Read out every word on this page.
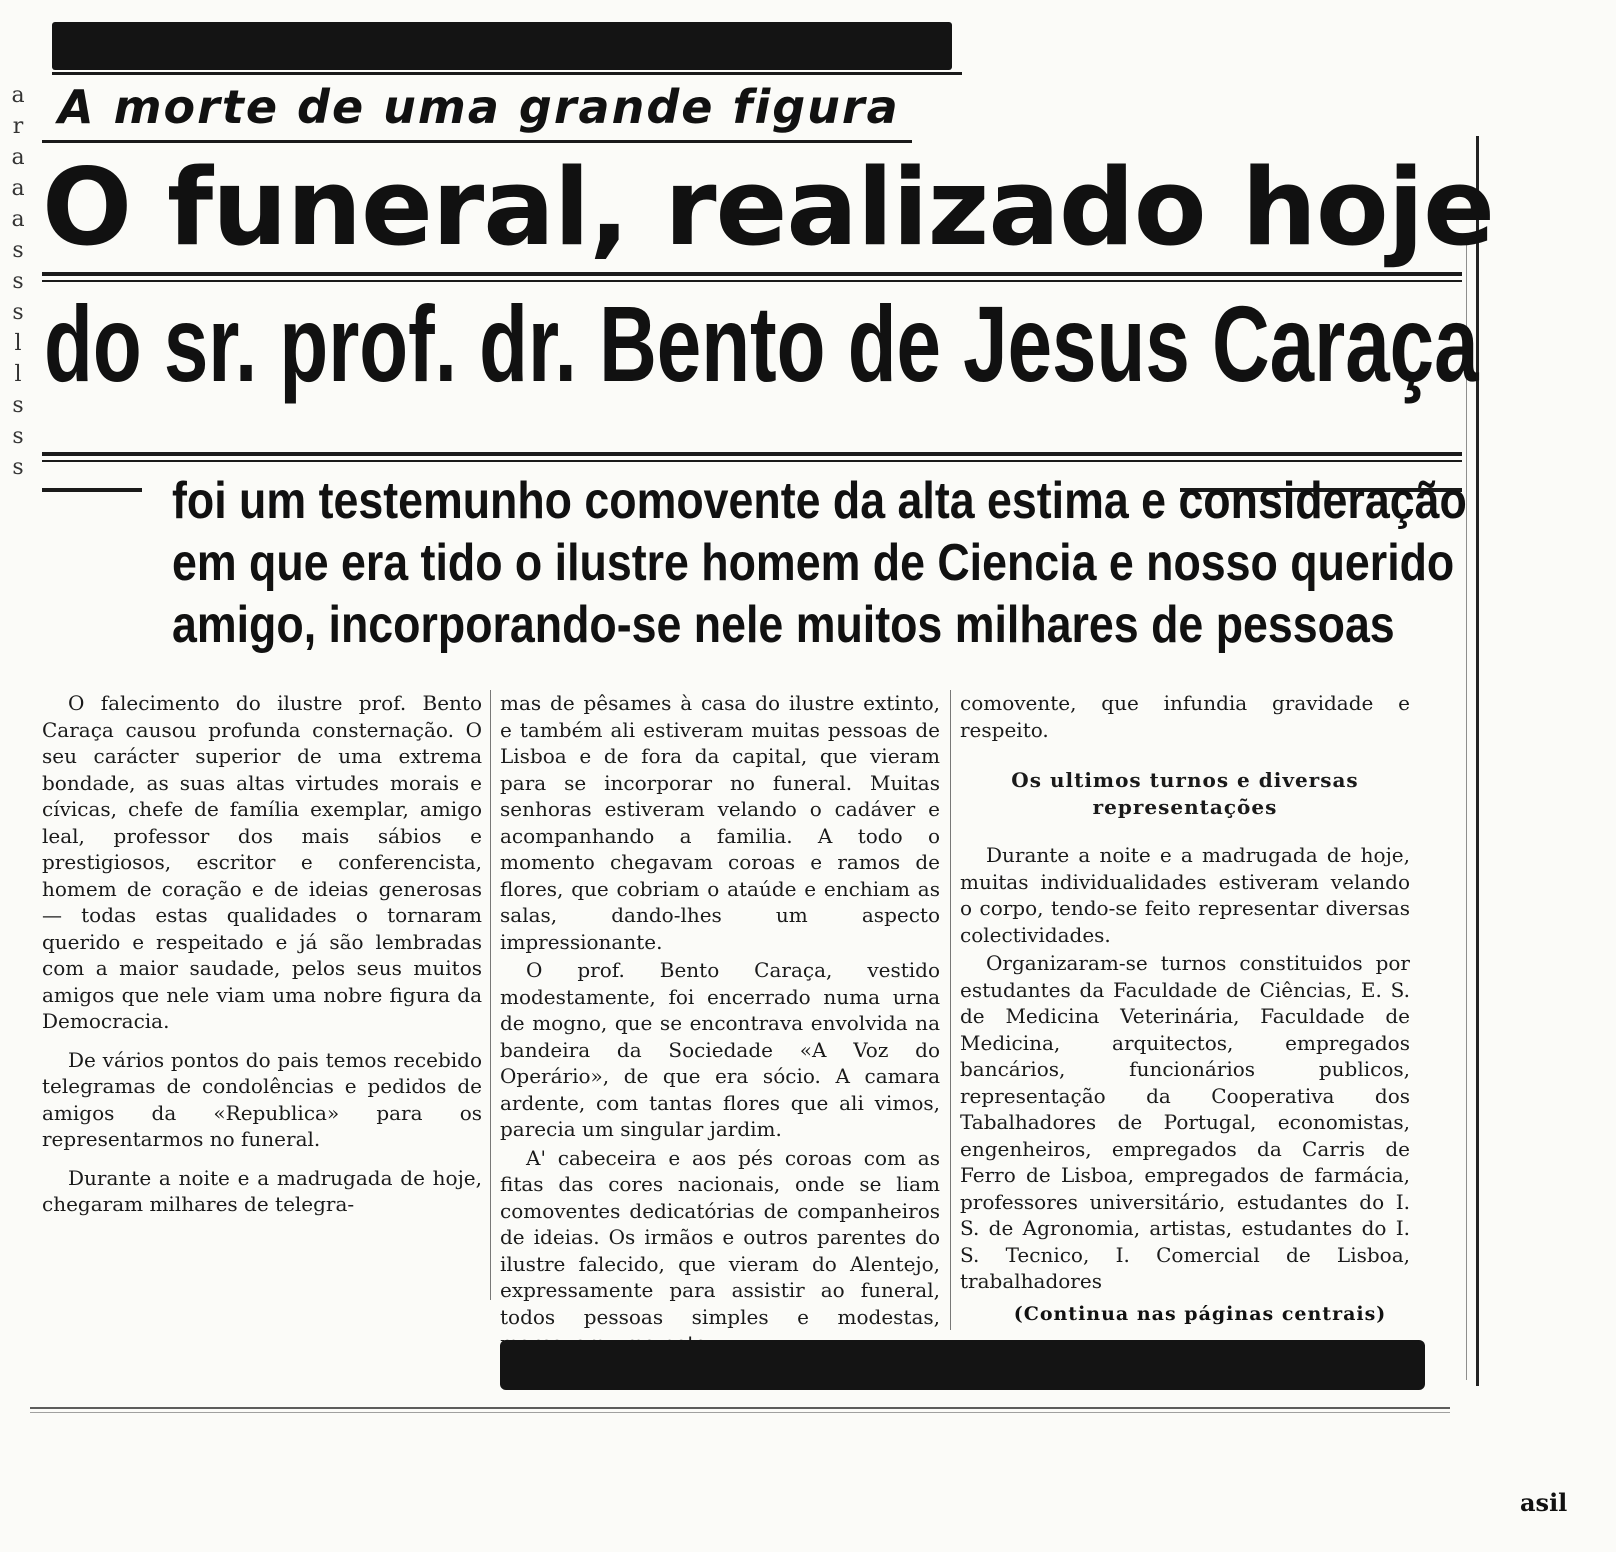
a
r
a
a
a
s
s
s
l
l
s
s
s
A morte de uma grande figura
O funeral, realizado hoje
do sr. prof. dr. Bento de Jesus Caraça
foi um testemunho comovente da alta estima e consideração
em que era tido o ilustre homem de Ciencia e nosso querido
amigo, incorporando-se nele muitos milhares de pessoas

O falecimento do ilustre prof. Bento Caraça causou profunda consternação. O seu carácter superior de uma extrema bondade, as suas altas virtudes morais e cívicas, chefe de família exemplar, amigo leal, professor dos mais sábios e prestigiosos, escritor e conferencista, homem de coração e de ideias generosas — todas estas qualidades o tornaram querido e respeitado e já são lembradas com a maior saudade, pelos seus muitos amigos que nele viam uma nobre figura da Democracia.

De vários pontos do pais temos recebido telegramas de condolências e pedidos de amigos da «Republica» para os representarmos no funeral.

Durante a noite e a madrugada de hoje, chegaram milhares de telegra-

mas de pêsames à casa do ilustre extinto, e também ali estiveram muitas pessoas de Lisboa e de fora da capital, que vieram para se incorporar no funeral. Muitas senhoras estiveram velando o cadáver e acompanhando a familia. A todo o momento chegavam coroas e ramos de flores, que cobriam o ataúde e enchiam as salas, dando-lhes um aspecto impressionante.

O prof. Bento Caraça, vestido modestamente, foi encerrado numa urna de mogno, que se encontrava envolvida na bandeira da Sociedade «A Voz do Operário», de que era sócio. A camara ardente, com tantas flores que ali vimos, parecia um singular jardim.

A' cabeceira e aos pés coroas com as fitas das cores nacionais, onde se liam comoventes dedicatórias de companheiros de ideias. Os irmãos e outros parentes do ilustre falecido, que vieram do Alentejo, expressamente para assistir ao funeral, todos pessoas simples e modestas,

comovente, que infundia gravidade e respeito.

Os ultimos turnos e diversas representações

Durante a noite e a madrugada de hoje, muitas individualidades estiveram velando o corpo, tendo-se feito representar diversas colectividades.

Organizaram-se turnos constituidos por estudantes da Faculdade de Ciências, E. S. de Medicina Veterinária, Faculdade de Medicina, arquitectos, empregados bancários, funcionários publicos, representação da Cooperativa dos Tabalhadores de Portugal, economistas, engenheiros, empregados da Carris de Ferro de Lisboa, empregados de farmácia, professores universitário, estudantes do I. S. de Agronomia, artistas, estudantes do I. S. Tecnico, I. Comercial de Lisboa, trabalhadores

(Continua nas páginas centrais)
asil
